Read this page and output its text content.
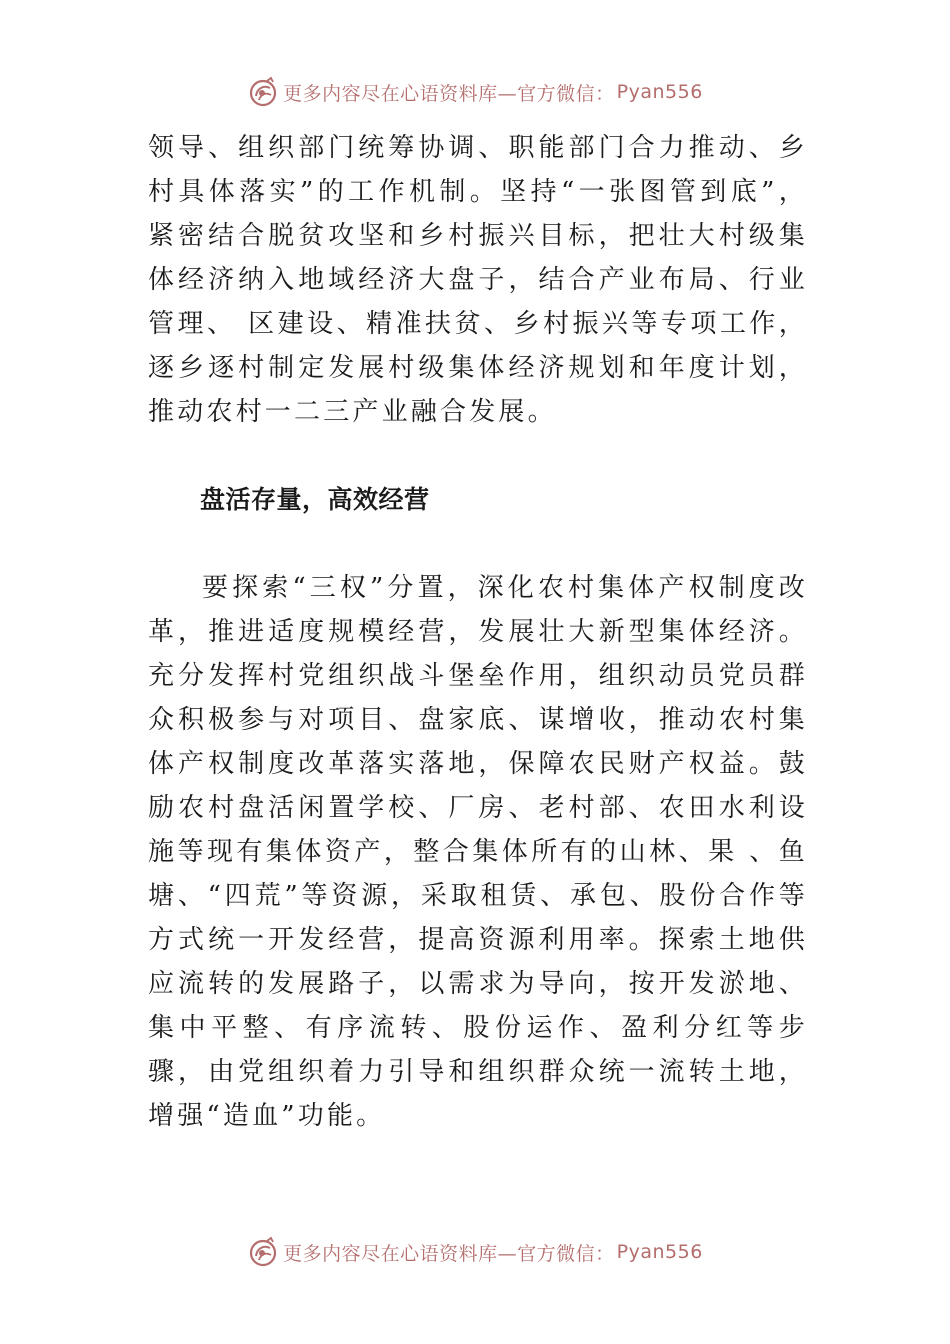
更多内容尽在心语资料库—官方微信： Pyan556

领导、组织部门统筹协调、职能部门合力推动、乡村具体落实”的工作机制。坚持“一张图管到底”，紧密结合脱贫攻坚和乡村振兴目标，把壮大村级集体经济纳入地域经济大盘子，结合产业布局、行业管理、 区建设、精准扶贫、乡村振兴等专项工作，逐乡逐村制定发展村级集体经济规划和年度计划，推动农村一二三产业融合发展。

盘活存量，高效经营

要探索“三权”分置，深化农村集体产权制度改革，推进适度规模经营，发展壮大新型集体经济。充分发挥村党组织战斗堡垒作用，组织动员党员群众积极参与对项目、盘家底、谋增收，推动农村集体产权制度改革落实落地，保障农民财产权益。鼓励农村盘活闲置学校、厂房、老村部、农田水利设施等现有集体资产，整合集体所有的山林、果 、鱼塘、“四荒”等资源，采取租赁、承包、股份合作等方式统一开发经营，提高资源利用率。探索土地供应流转的发展路子，以需求为导向，按开发淤地、集中平整、有序流转、股份运作、盈利分红等步骤，由党组织着力引导和组织群众统一流转土地，增强“造血”功能。

更多内容尽在心语资料库—官方微信： Pyan556
